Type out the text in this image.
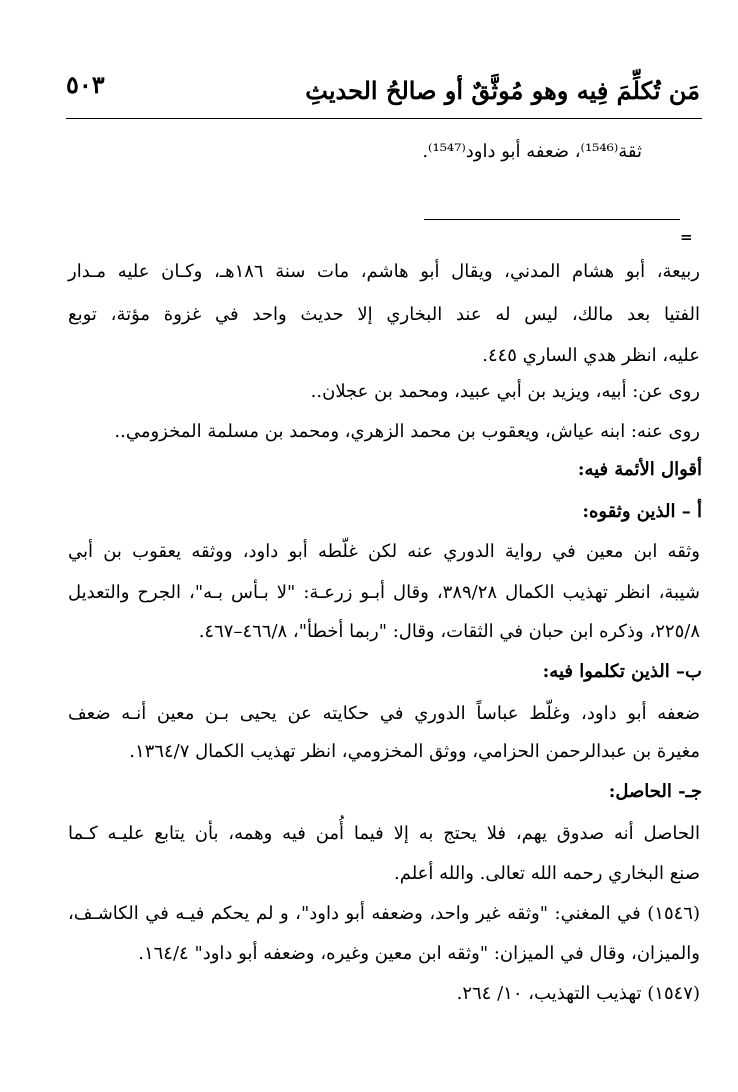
مَن تُكلِّمَ فِيه وهو مُوثَّقٌ أو صالحُ الحديثِ
٥٠٣
ثقة⁽¹⁵⁴⁶⁾، ضعفه أبو داود⁽¹⁵⁴⁷⁾.
=
ربيعة، أبو هشام المدني، ويقال أبو هاشم، مات سنة ١٨٦هـ، وكـان عليه مـدار
الفتيا بعد مالك، ليس له عند البخاري إلا حديث واحد في غزوة مؤتة، توبع
عليه، انظر هدي الساري ٤٤٥.
روى عن: أبيه، ويزيد بن أبي عبيد، ومحمد بن عجلان..
روى عنه: ابنه عياش، ويعقوب بن محمد الزهري، ومحمد بن مسلمة المخزومي..
أقوال الأئمة فيه:
أ – الذين وثقوه:
وثقه ابن معين في رواية الدوري عنه لكن غلّطه أبو داود، ووثقه يعقوب بن أبي
شيبة، انظر تهذيب الكمال ٣٨٩/٢٨، وقال أبـو زرعـة: "لا بـأس بـه"، الجرح والتعديل
٢٢٥/٨، وذكره ابن حبان في الثقات، وقال: "ربما أخطأ"، ٤٦٦/٨–٤٦٧.
ب– الذين تكلموا فيه:
ضعفه أبو داود، وغلّط عباساً الدوري في حكايته عن يحيى بـن معين أنـه ضعف
مغيرة بن عبدالرحمن الحزامي، ووثق المخزومي، انظر تهذيب الكمال ١٣٦٤/٧.
جـ- الحاصل:
الحاصل أنه صدوق يهم، فلا يحتج به إلا فيما أُمن فيه وهمه، بأن يتابع عليـه كـما
صنع البخاري رحمه الله تعالى. والله أعلم.
(١٥٤٦) في المغني: "وثقه غير واحد، وضعفه أبو داود"، و لم يحكم فيـه في الكاشـف،
والميزان، وقال في الميزان: "وثقه ابن معين وغيره، وضعفه أبو داود" ١٦٤/٤.
(١٥٤٧) تهذيب التهذيب، ١٠/ ٢٦٤.
